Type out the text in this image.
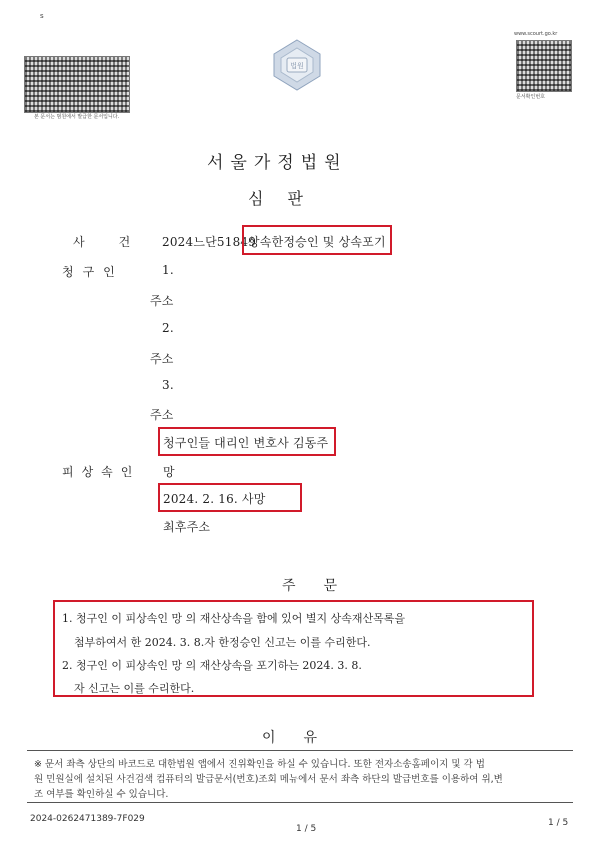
s
본 문서는 범원에서 발급한 문서입니다.
법원
www.scourt.go.kr
문서확인번호
서울가정법원
심판
사건
2024느단51849
상속한정승인 및 상속포기
청구인	1.
주소
2.
주소
3.
주소
청구인들 대리인 변호사 김동주
피상속인 망
2024. 2. 16. 사망
최후주소
주문
1. 청구인 이 피상속인 망 의 재산상속을 함에 있어 별지 상속재산목록을
첨부하여서 한 2024. 3. 8.자 한정승인 신고는 이를 수리한다.
2. 청구인 이 피상속인 망 의 재산상속을 포기하는 2024. 3. 8.
자 신고는 이를 수리한다.
이유
※ 문서 좌측 상단의 바코드로 대한법원 앱에서 진위확인을 하실 수 있습니다. 또한 전자소송홈페이지 및 각 법
원 민원실에 설치된 사건검색 컴퓨터의 발급문서(번호)조회 메뉴에서 문서 좌측 하단의 발급번호를 이용하여 위,변
조 여부를 확인하실 수 있습니다.
2024-0262471389-7F029
1 / 5
1 / 5
